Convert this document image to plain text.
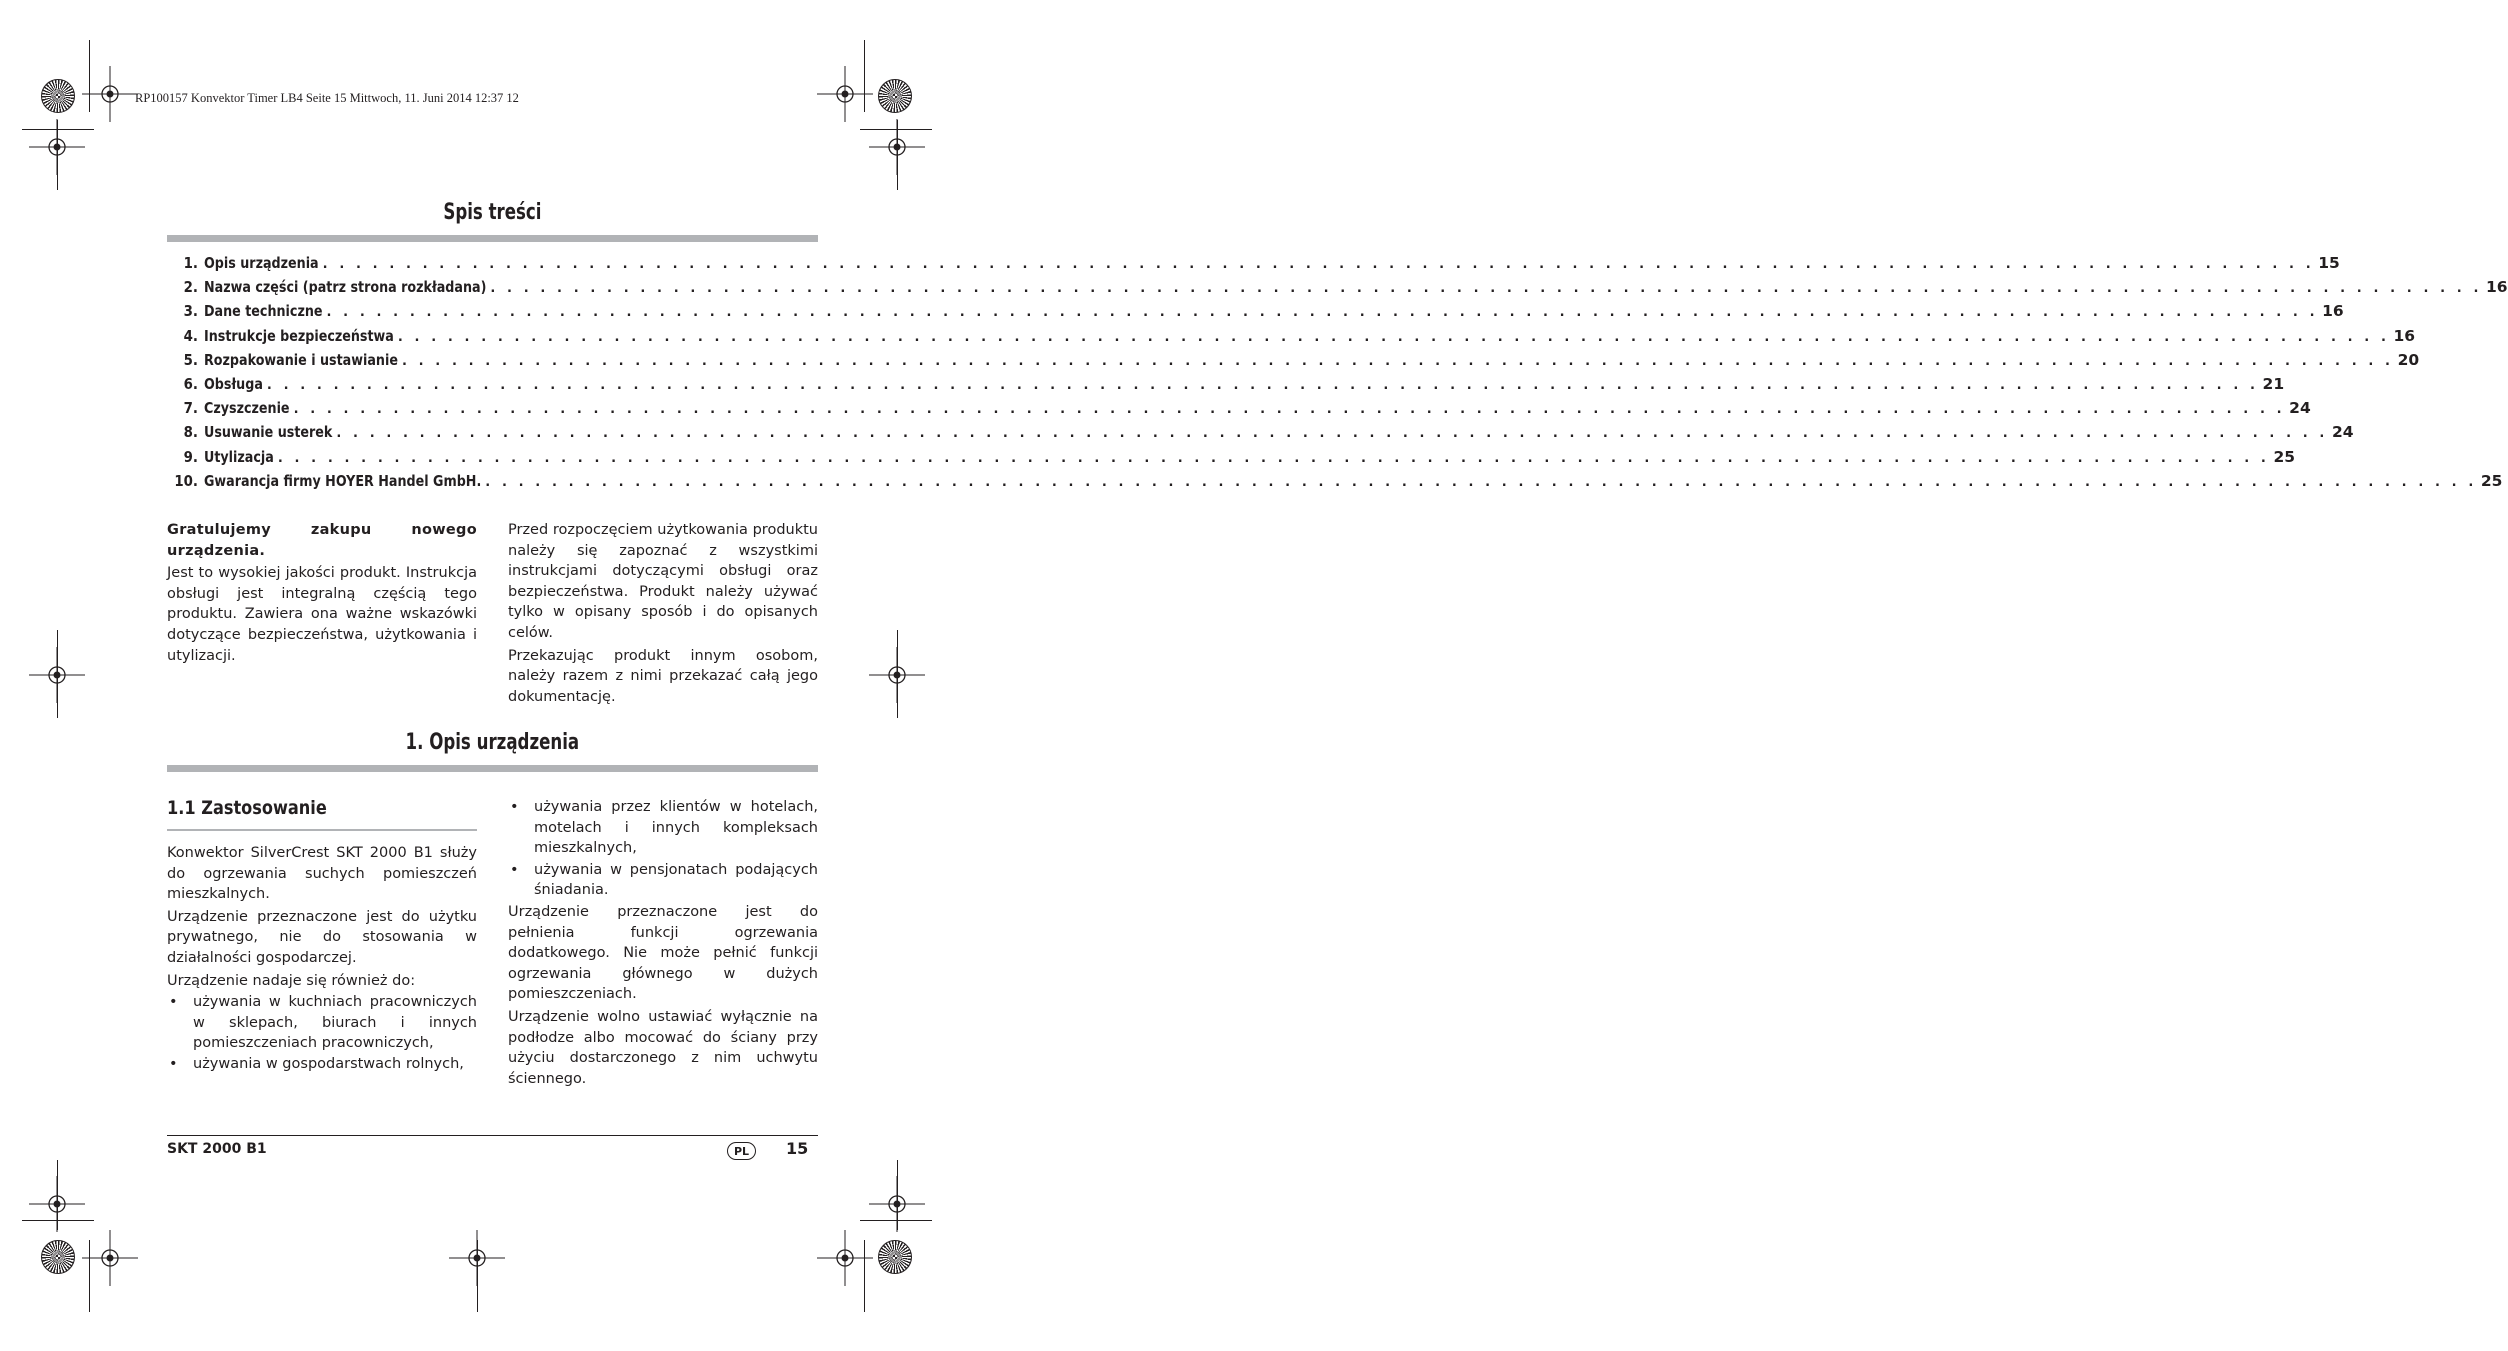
RP100157 Konvektor Timer LB4 Seite 15 Mittwoch, 11. Juni 2014 12:37 12
Spis treści
1. Opis urządzenia . . . . . . . . . . . . . . . . . . . . . . . . . . . . . . . . . . . . . . . . . . . . . . . . . . . . . . . . . . . . . . . . . . . . . . . . . . . . . . . . . . . . . . . . . . . . . . . . . . . . . . . . . . . . . . . . . . . . . . . . 15
2. Nazwa części (patrz strona rozkładana) . . . . . . . . . . . . . . . . . . . . . . . . . . . . . . . . . . . . . . . . . . . . . . . . . . . . . . . . . . . . . . . . . . . . . . . . . . . . . . . . . . . . . . . . . . . . . . . . . . . . . . . . . . . . . . . . . . . . . . . . 16
3. Dane techniczne . . . . . . . . . . . . . . . . . . . . . . . . . . . . . . . . . . . . . . . . . . . . . . . . . . . . . . . . . . . . . . . . . . . . . . . . . . . . . . . . . . . . . . . . . . . . . . . . . . . . . . . . . . . . . . . . . . . . . . . . 16
4. Instrukcje bezpieczeństwa . . . . . . . . . . . . . . . . . . . . . . . . . . . . . . . . . . . . . . . . . . . . . . . . . . . . . . . . . . . . . . . . . . . . . . . . . . . . . . . . . . . . . . . . . . . . . . . . . . . . . . . . . . . . . . . . . . . . . . . . 16
5. Rozpakowanie i ustawianie . . . . . . . . . . . . . . . . . . . . . . . . . . . . . . . . . . . . . . . . . . . . . . . . . . . . . . . . . . . . . . . . . . . . . . . . . . . . . . . . . . . . . . . . . . . . . . . . . . . . . . . . . . . . . . . . . . . . . . . . 20
6. Obsługa . . . . . . . . . . . . . . . . . . . . . . . . . . . . . . . . . . . . . . . . . . . . . . . . . . . . . . . . . . . . . . . . . . . . . . . . . . . . . . . . . . . . . . . . . . . . . . . . . . . . . . . . . . . . . . . . . . . . . . . . 21
7. Czyszczenie . . . . . . . . . . . . . . . . . . . . . . . . . . . . . . . . . . . . . . . . . . . . . . . . . . . . . . . . . . . . . . . . . . . . . . . . . . . . . . . . . . . . . . . . . . . . . . . . . . . . . . . . . . . . . . . . . . . . . . . . 24
8. Usuwanie usterek . . . . . . . . . . . . . . . . . . . . . . . . . . . . . . . . . . . . . . . . . . . . . . . . . . . . . . . . . . . . . . . . . . . . . . . . . . . . . . . . . . . . . . . . . . . . . . . . . . . . . . . . . . . . . . . . . . . . . . . . 24
9. Utylizacja . . . . . . . . . . . . . . . . . . . . . . . . . . . . . . . . . . . . . . . . . . . . . . . . . . . . . . . . . . . . . . . . . . . . . . . . . . . . . . . . . . . . . . . . . . . . . . . . . . . . . . . . . . . . . . . . . . . . . . . . 25
10. Gwarancja firmy HOYER Handel GmbH. . . . . . . . . . . . . . . . . . . . . . . . . . . . . . . . . . . . . . . . . . . . . . . . . . . . . . . . . . . . . . . . . . . . . . . . . . . . . . . . . . . . . . . . . . . . . . . . . . . . . . . . . . . . . . . . . . . . . . . . . 25

Gratulujemy zakupu nowego urządzenia.

Jest to wysokiej jakości produkt. Instrukcja obsługi jest integralną częścią tego produktu. Zawiera ona ważne wskazówki dotyczące bezpieczeństwa, użytkowania i utylizacji.

Przed rozpoczęciem użytkowania produktu należy się zapoznać z wszystkimi instrukcjami dotyczącymi obsługi oraz bezpieczeństwa. Produkt należy używać tylko w opisany sposób i do opisanych celów.

Przekazując produkt innym osobom, należy razem z nimi przekazać całą jego dokumentację.

1. Opis urządzenia
1.1 Zastosowanie

Konwektor SilverCrest SKT 2000 B1 służy do ogrzewania suchych pomieszczeń mieszkalnych.

Urządzenie przeznaczone jest do użytku prywatnego, nie do stosowania w działalności gospodarczej.

Urządzenie nadaje się również do:

• używania w kuchniach pracowniczych w sklepach, biurach i innych pomieszczeniach pracowniczych,
• używania w gospodarstwach rolnych,
• używania przez klientów w hotelach, motelach i innych kompleksach mieszkalnych,
• używania w pensjonatach podających śniadania.

Urządzenie przeznaczone jest do pełnienia funkcji ogrzewania dodatkowego. Nie może pełnić funkcji ogrzewania głównego w dużych pomieszczeniach.

Urządzenie wolno ustawiać wyłącznie na podłodze albo mocować do ściany przy użyciu dostarczonego z nim uchwytu ściennego.

SKT 2000 B1	PL	15
